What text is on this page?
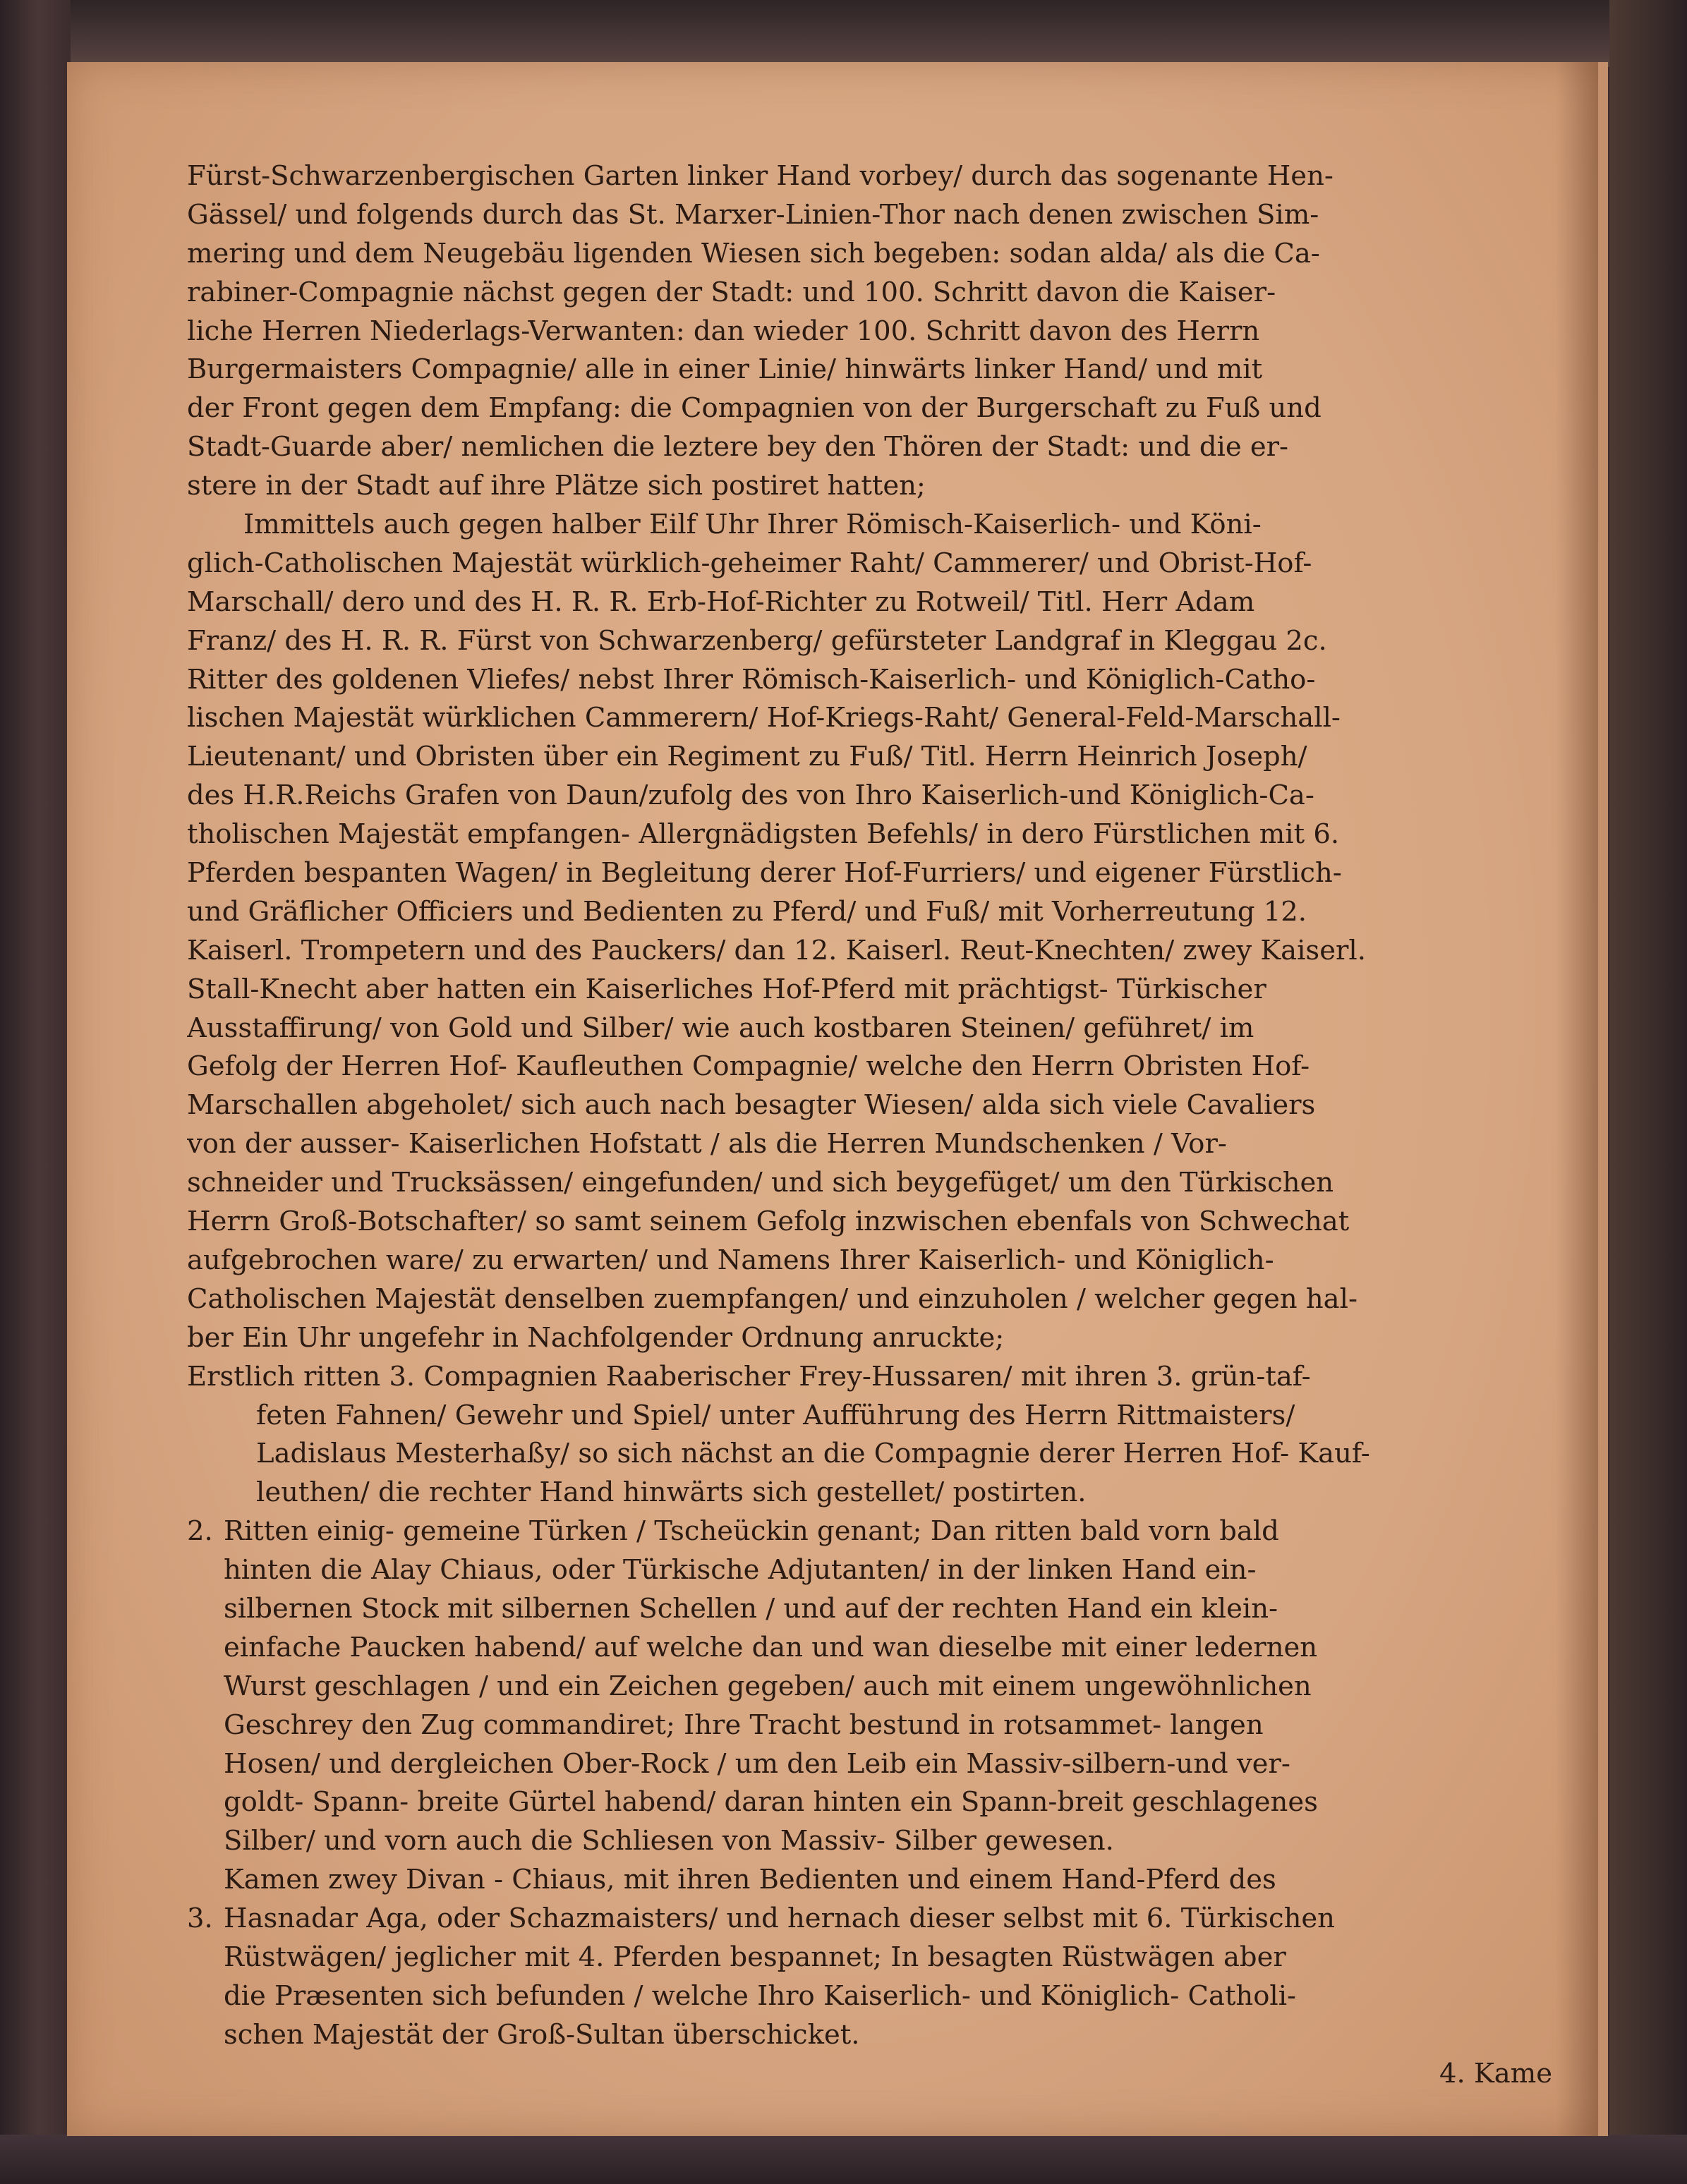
Fürst-Schwarzenbergischen Garten linker Hand vorbey/ durch das sogenante Hen-
Gässel/ und folgends durch das St. Marxer-Linien-Thor nach denen zwischen Sim-
mering und dem Neugebäu ligenden Wiesen sich begeben: sodan alda/ als die Ca-
rabiner-Compagnie nächst gegen der Stadt: und 100. Schritt davon die Kaiser-
liche Herren Niederlags-Verwanten: dan wieder 100. Schritt davon des Herrn
Burgermaisters Compagnie/ alle in einer Linie/ hinwärts linker Hand/ und mit
der Front gegen dem Empfang: die Compagnien von der Burgerschaft zu Fuß und
Stadt-Guarde aber/ nemlichen die leztere bey den Thören der Stadt: und die er-
stere in der Stadt auf ihre Plätze sich postiret hatten;
Immittels auch gegen halber Eilf Uhr Ihrer Römisch-Kaiserlich- und Köni-
glich-Catholischen Majestät würklich-geheimer Raht/ Cammerer/ und Obrist-Hof-
Marschall/ dero und des H. R. R. Erb-Hof-Richter zu Rotweil/ Titl. Herr Adam
Franz/ des H. R. R. Fürst von Schwarzenberg/ gefürsteter Landgraf in Kleggau 2c.
Ritter des goldenen Vliefes/ nebst Ihrer Römisch-Kaiserlich- und Königlich-Catho-
lischen Majestät würklichen Cammerern/ Hof-Kriegs-Raht/ General-Feld-Marschall-
Lieutenant/ und Obristen über ein Regiment zu Fuß/ Titl. Herrn Heinrich Joseph/
des H.R.Reichs Grafen von Daun/zufolg des von Ihro Kaiserlich-und Königlich-Ca-
tholischen Majestät empfangen- Allergnädigsten Befehls/ in dero Fürstlichen mit 6.
Pferden bespanten Wagen/ in Begleitung derer Hof-Furriers/ und eigener Fürstlich-
und Gräflicher Officiers und Bedienten zu Pferd/ und Fuß/ mit Vorherreutung 12.
Kaiserl. Trompetern und des Pauckers/ dan 12. Kaiserl. Reut-Knechten/ zwey Kaiserl.
Stall-Knecht aber hatten ein Kaiserliches Hof-Pferd mit prächtigst- Türkischer
Ausstaffirung/ von Gold und Silber/ wie auch kostbaren Steinen/ geführet/ im
Gefolg der Herren Hof- Kaufleuthen Compagnie/ welche den Herrn Obristen Hof-
Marschallen abgeholet/ sich auch nach besagter Wiesen/ alda sich viele Cavaliers
von der ausser- Kaiserlichen Hofstatt / als die Herren Mundschenken / Vor-
schneider und Trucksässen/ eingefunden/ und sich beygefüget/ um den Türkischen
Herrn Groß-Botschafter/ so samt seinem Gefolg inzwischen ebenfals von Schwechat
aufgebrochen ware/ zu erwarten/ und Namens Ihrer Kaiserlich- und Königlich-
Catholischen Majestät denselben zuempfangen/ und einzuholen / welcher gegen hal-
ber Ein Uhr ungefehr in Nachfolgender Ordnung anruckte;
Erstlich ritten 3. Compagnien Raaberischer Frey-Hussaren/ mit ihren 3. grün-taf-
feten Fahnen/ Gewehr und Spiel/ unter Aufführung des Herrn Rittmaisters/
Ladislaus Mesterhaßy/ so sich nächst an die Compagnie derer Herren Hof- Kauf-
leuthen/ die rechter Hand hinwärts sich gestellet/ postirten.
2. Ritten einig- gemeine Türken / Tscheückin genant; Dan ritten bald vorn bald
hinten die Alay Chiaus, oder Türkische Adjutanten/ in der linken Hand ein-
silbernen Stock mit silbernen Schellen / und auf der rechten Hand ein klein-
einfache Paucken habend/ auf welche dan und wan dieselbe mit einer ledernen
Wurst geschlagen / und ein Zeichen gegeben/ auch mit einem ungewöhnlichen
Geschrey den Zug commandiret; Ihre Tracht bestund in rotsammet- langen
Hosen/ und dergleichen Ober-Rock / um den Leib ein Massiv-silbern-und ver-
goldt- Spann- breite Gürtel habend/ daran hinten ein Spann-breit geschlagenes
Silber/ und vorn auch die Schliesen von Massiv- Silber gewesen.
Kamen zwey Divan - Chiaus, mit ihren Bedienten und einem Hand-Pferd des
3. Hasnadar Aga, oder Schazmaisters/ und hernach dieser selbst mit 6. Türkischen
Rüstwägen/ jeglicher mit 4. Pferden bespannet; In besagten Rüstwägen aber
die Præsenten sich befunden / welche Ihro Kaiserlich- und Königlich- Catholi-
schen Majestät der Groß-Sultan überschicket.
4. Kame
